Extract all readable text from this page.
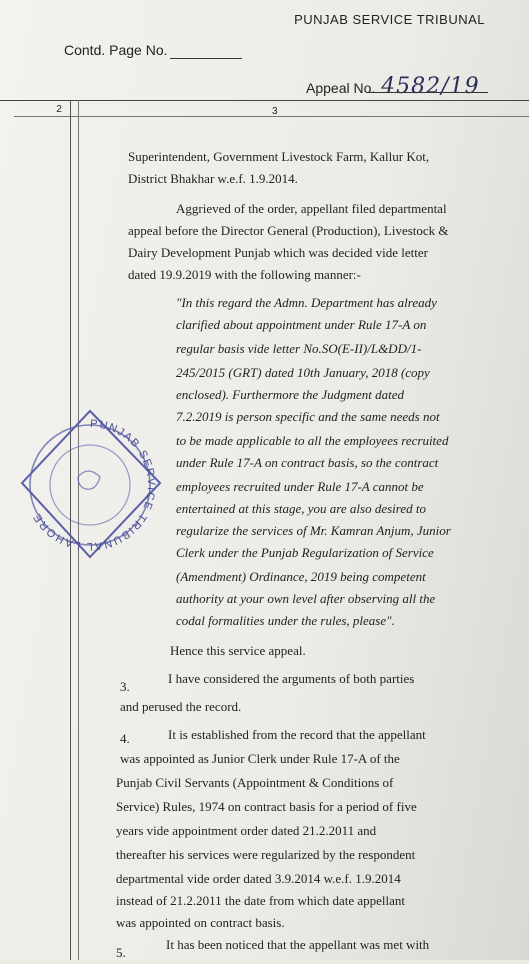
PUNJAB SERVICE TRIBUNAL
Contd. Page No.
Appeal No. 4582/19
2	3
Superintendent, Government Livestock Farm, Kallur Kot,
District Bhakhar w.e.f. 1.9.2014.
Aggrieved of the order, appellant filed departmental
appeal before the Director General (Production), Livestock &
Dairy Development Punjab which was decided vide letter
dated 19.9.2019 with the following manner:-
"In this regard the Admn. Department has already
clarified about appointment under Rule 17-A on
regular basis vide letter No.SO(E-II)/L&DD/1-
245/2015 (GRT) dated 10th January, 2018 (copy
enclosed). Furthermore the Judgment dated
7.2.2019 is person specific and the same needs not
to be made applicable to all the employees recruited
under Rule 17-A on contract basis, so the contract
employees recruited under Rule 17-A cannot be
entertained at this stage, you are also desired to
regularize the services of Mr. Kamran Anjum, Junior
Clerk under the Punjab Regularization of Service
(Amendment) Ordinance, 2019 being competent
authority at your own level after observing all the
codal formalities under the rules, please".
Hence this service appeal.
3.
I have considered the arguments of both parties
and perused the record.
4.	It is established from the record that the appellant
was appointed as Junior Clerk under Rule 17-A of the
Punjab Civil Servants (Appointment & Conditions of
Service) Rules, 1974 on contract basis for a period of five
years vide appointment order dated 21.2.2011 and
thereafter his services were regularized by the respondent
departmental vide order dated 3.9.2014 w.e.f. 1.9.2014
instead of 21.2.2011 the date from which date appellant
was appointed on contract basis.
5.
It has been noticed that the appellant was met with
PUNJAB SERVICE TRIBUNAL LAHORE
